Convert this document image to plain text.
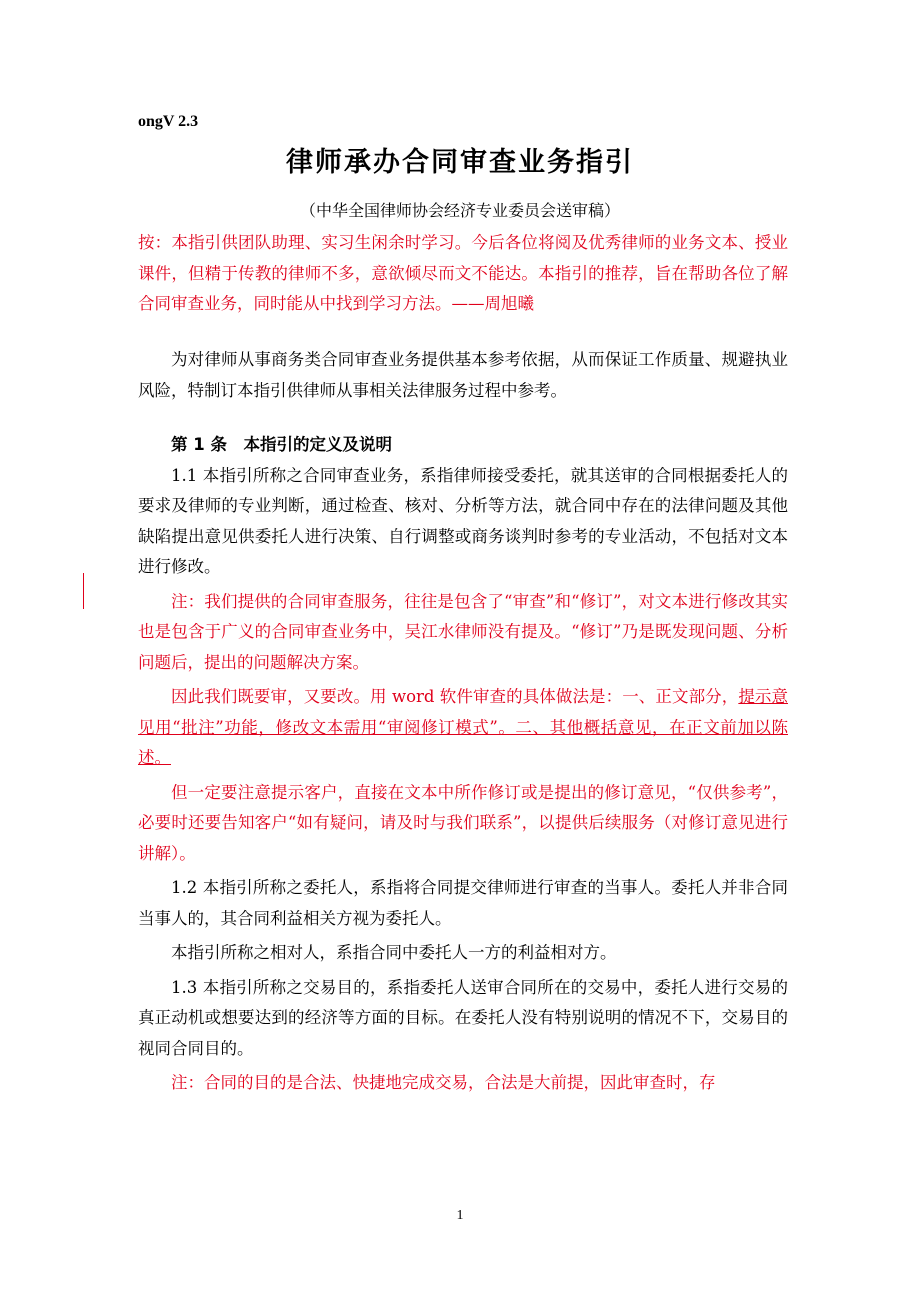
ongV 2.3
律师承办合同审查业务指引
（中华全国律师协会经济专业委员会送审稿）

按：本指引供团队助理、实习生闲余时学习。今后各位将阅及优秀律师的业务文本、授业课件，但精于传教的律师不多，意欲倾尽而文不能达。本指引的推荐，旨在帮助各位了解合同审查业务，同时能从中找到学习方法。——周旭曦

为对律师从事商务类合同审查业务提供基本参考依据，从而保证工作质量、规避执业风险，特制订本指引供律师从事相关法律服务过程中参考。

第 1 条　本指引的定义及说明

1.1 本指引所称之合同审查业务，系指律师接受委托，就其送审的合同根据委托人的要求及律师的专业判断，通过检查、核对、分析等方法，就合同中存在的法律问题及其他缺陷提出意见供委托人进行决策、自行调整或商务谈判时参考的专业活动，不包括对文本进行修改。

注：我们提供的合同审查服务，往往是包含了“审查”和“修订”，对文本进行修改其实也是包含于广义的合同审查业务中，吴江水律师没有提及。“修订”乃是既发现问题、分析问题后，提出的问题解决方案。

因此我们既要审，又要改。用 word 软件审查的具体做法是：一、正文部分，提示意见用“批注”功能，修改文本需用“审阅修订模式”。二、其他概括意见，在正文前加以陈述。

但一定要注意提示客户，直接在文本中所作修订或是提出的修订意见，“仅供参考”，必要时还要告知客户“如有疑问，请及时与我们联系”，以提供后续服务（对修订意见进行讲解）。

1.2 本指引所称之委托人，系指将合同提交律师进行审查的当事人。委托人并非合同当事人的，其合同利益相关方视为委托人。

本指引所称之相对人，系指合同中委托人一方的利益相对方。

1.3 本指引所称之交易目的，系指委托人送审合同所在的交易中，委托人进行交易的真正动机或想要达到的经济等方面的目标。在委托人没有特别说明的情况不下，交易目的视同合同目的。

注：合同的目的是合法、快捷地完成交易，合法是大前提，因此审查时，存

1
